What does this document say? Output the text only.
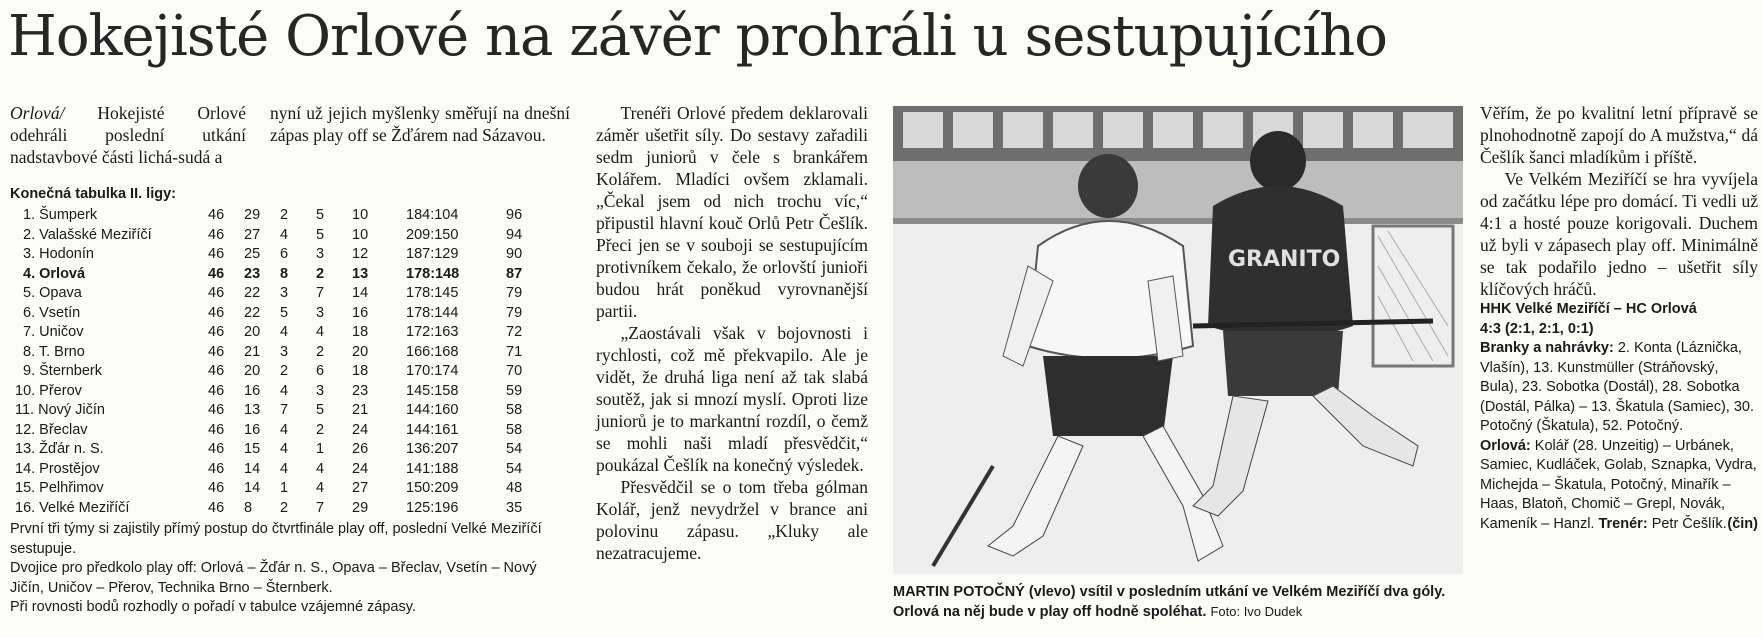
Hokejisté Orlové na závěr prohráli u sestupujícího

Orlová/ Hokejisté Orlové odehráli poslední utkání nadstavbové části lichá-sudá a

nyní už jejich myšlenky směřují na dnešní zápas play off se Žďárem nad Sázavou.

Konečná tabulka II. ligy:
1. Šumperk	46	29	2	5	10	184:104	96
2. Valašské Meziříčí	46	27	4	5	10	209:150	94
3. Hodonín	46	25	6	3	12	187:129	90
4. Orlová	46	23	8	2	13	178:148	87
5. Opava	46	22	3	7	14	178:145	79
6. Vsetín	46	22	5	3	16	178:144	79
7. Uničov	46	20	4	4	18	172:163	72
8. T. Brno	46	21	3	2	20	166:168	71
9. Šternberk	46	20	2	6	18	170:174	70
10. Přerov	46	16	4	3	23	145:158	59
11. Nový Jičín	46	13	7	5	21	144:160	58
12. Břeclav	46	16	4	2	24	144:161	58
13. Žďár n. S.	46	15	4	1	26	136:207	54
14. Prostějov	46	14	4	4	24	141:188	54
15. Pelhřimov	46	14	1	4	27	150:209	48
16. Velké Meziříčí	46	8	2	7	29	125:196	35

První tři týmy si zajistily přímý postup do čtvrtfinále play off, poslední Velké Meziříčí sestupuje.

Dvojice pro předkolo play off: Orlová – Žďár n. S., Opava – Břeclav, Vsetín – Nový Jičín, Uničov – Přerov, Technika Brno – Šternberk.

Při rovnosti bodů rozhodly o pořadí v tabulce vzájemné zápasy.

Trenéři Orlové předem deklarovali záměr ušetřit síly. Do sestavy zařadili sedm juniorů v čele s brankářem Kolářem. Mladíci ovšem zklamali. „Čekal jsem od nich trochu víc,“ připustil hlavní kouč Orlů Petr Češlík. Přeci jen se v souboji se sestupujícím protivníkem čekalo, že orlovští junioři budou hrát poněkud vyrovnanější partii.

„Zaostávali však v bojovnosti i rychlosti, což mě překvapilo. Ale je vidět, že druhá liga není až tak slabá soutěž, jak si mnozí myslí. Oproti lize juniorů je to markantní rozdíl, o čemž se mohli naši mladí přesvědčit,“ poukázal Češlík na konečný výsledek.

Přesvědčil se o tom třeba gólman Kolář, jenž nevydržel v brance ani polovinu zápasu. „Kluky ale nezatracujeme.

GRANITO
MARTIN POTOČNÝ (vlevo) vsítil v posledním utkání ve Velkém Meziříčí dva góly. Orlová na něj bude v play off hodně spoléhat. Foto: Ivo Dudek

Věřím, že po kvalitní letní přípravě se plnohodnotně zapojí do A mužstva,“ dá Češlík šanci mladíkům i příště.

Ve Velkém Meziříčí se hra vyvíjela od začátku lépe pro domácí. Ti vedli už 4:1 a hosté pouze korigovali. Duchem už byli v zápasech play off. Minimálně se tak podařilo jedno – ušetřit síly klíčových hráčů.

HHK Velké Meziříčí – HC Orlová
4:3 (2:1, 2:1, 0:1)

Branky a nahrávky: 2. Konta (Láznička, Vlašín), 13. Kunstmüller (Stráňovský, Bula), 23. Sobotka (Dostál), 28. Sobotka (Dostál, Pálka) – 13. Škatula (Samiec), 30. Potočný (Škatula), 52. Potočný.

Orlová: Kolář (28. Unzeitig) – Urbánek, Samiec, Kudláček, Golab, Sznapka, Vydra, Michejda – Škatula, Potočný, Minařík – Haas, Blatoň, Chomič – Grepl, Novák, Kameník – Hanzl. Trenér: Petr Češlík. (čin)
